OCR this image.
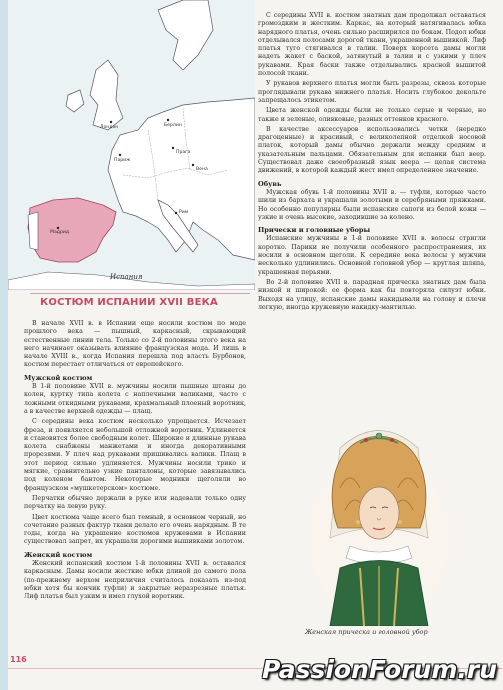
Лондон	Берлин
Париж
Прага
Вена
Рим
Мадрид
Испания
КОСТЮМ ИСПАНИИ XVII ВЕКА

В начале XVII в. в Испании еще носили костюм по моде прошлого века — пышный, каркасный, скрывающий естественные линии тела. Только со 2-й половины этого века на него начинает оказывать влияние французская мода. И лишь в начале XVIII в., когда Испания перешла под власть Бурбонов, костюм перестает отличаться от европейского.

Мужской костюм

В 1-й половине XVII в. мужчины носили пышные штаны до колен, куртку типа колета с наплечными валиками, часто с ложными откидными рукавами, крахмальный плоеный воротник, а в качестве верхней одежды — плащ.

С середины века костюм несколько упрощается. Исчезает фреза, и появляется небольшой отложной воротник. Удлиняется и становится более свободным колет. Широкие и длинные рукава колета снабжены манжетами и иногда декоративными прорезями. У плеч над рукавами пришивались валики. Плащ в этот период сильно удлиняется. Мужчины носили трико и мягкие, сравнительно узкие панталоны, которые завязывались под коленом бантом. Некоторые модники щеголяли во французском «мушкетерском» костюме.

Перчатки обычно держали в руке или надевали только одну перчатку на левую руку.

Цвет костюма чаще всего был темный, в основном черный, но сочетание разных фактур ткани делало его очень нарядным. В те годы, когда на украшение костюмов кружевами в Испании существовал запрет, их украшали дорогими вышивками золотом.

Женский костюм

Женский испанский костюм 1-й половины XVII в. оставался каркасным. Дамы носили жесткие юбки длиной до самого пола (по-прежнему верхом неприличия считалось показать из-под юбки хотя бы кончик туфли) и закрытые неразрезные платья. Лиф платья был узким и имел глухой воротник.

С середины XVII в. костюм знатных дам продолжал оставаться громоздким и жестким. Каркас, на который натягивалась юбка нарядного платья, очень сильно расширился по бокам. Подол юбки отделывался полосами дорогой ткани, украшенной вышивкой. Лиф платья туго стягивался в талии. Поверх корсета дамы могли надеть жакет с баской, затянутый в талии и с узкими у плеч рукавами. Края баски также отделывались красной вышитой полосой ткани.

У рукавов верхнего платья могли быть разрезы, сквозь которые проглядывали рукава нижнего платья. Носить глубокое декольте запрещалось этикетом.

Цвета женской одежды были не только серые и черные, но также и зеленые, оливковые, разных оттенков красного.

В качестве аксессуаров использовались четки (нередко драгоценные) и красивый, с великолепной отделкой носовой платок, который дамы обычно держали между средним и указательным пальцами. Обязательным для испанки был веер. Существовал даже своеобразный язык веера — целая система движений, в которой каждый жест имел определенное значение.

Обувь

Мужская обувь 1-й половины XVII в. — туфли, которые часто шили из бархата и украшали золотыми и серебряными пряжками. Но особенно популярны были испанские сапоги из белой кожи — узкие и очень высокие, заходившие за колено.

Прически и головные уборы

Испанские мужчины в 1-й половине XVII в. волосы стригли коротко. Парики не получили особенного распространения, их носили в основном щеголи. К середине века волосы у мужчин несколько удлинились. Основной головной убор — круглая шляпа, украшенная перьями.

Во 2-й половине XVII в. парадная прическа знатных дам была низкой и широкой: ее форма как бы повторяла силуэт юбки. Выходя на улицу, испанские дамы накидывали на голову и плечи легкую, иногда кружевную накидку-мантилью.

Женская прическа и головной убор
116	PassionForum.ru
